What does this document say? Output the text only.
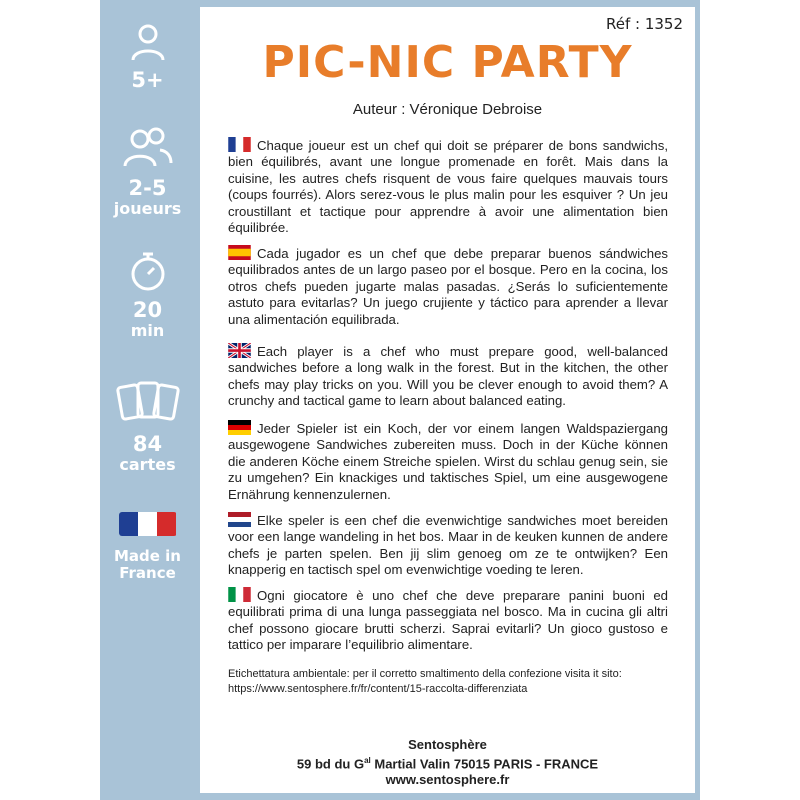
5+
2-5
joueurs
20
min
84
cartes
Made in
France
Réf : 1352
PIC-NIC PARTY
Auteur : Véronique Debroise
Chaque joueur est un chef qui doit se préparer de bons sandwichs, bien équilibrés, avant une longue promenade en forêt. Mais dans la cuisine, les autres chefs risquent de vous faire quelques mauvais tours (coups fourrés). Alors serez-vous le plus malin pour les esquiver ? Un jeu croustillant et tactique pour apprendre à avoir une alimentation bien équilibrée.
Cada jugador es un chef que debe preparar buenos sándwiches equilibrados antes de un largo paseo por el bosque. Pero en la cocina, los otros chefs pueden jugarte malas pasadas. ¿Serás lo suficientemente astuto para evitarlas? Un juego crujiente y táctico para aprender a llevar una alimentación equilibrada.
Each player is a chef who must prepare good, well-balanced sandwiches before a long walk in the forest. But in the kitchen, the other chefs may play tricks on you. Will you be clever enough to avoid them? A crunchy and tactical game to learn about balanced eating.
Jeder Spieler ist ein Koch, der vor einem langen Waldspaziergang ausgewogene Sandwiches zubereiten muss. Doch in der Küche können die anderen Köche einem Streiche spielen. Wirst du schlau genug sein, sie zu umgehen? Ein knackiges und taktisches Spiel, um eine ausgewogene Ernährung kennenzulernen.
Elke speler is een chef die evenwichtige sandwiches moet bereiden voor een lange wandeling in het bos. Maar in de keuken kunnen de andere chefs je parten spelen. Ben jij slim genoeg om ze te ontwijken? Een knapperig en tactisch spel om evenwichtige voeding te leren.
Ogni giocatore è uno chef che deve preparare panini buoni ed equilibrati prima di una lunga passeggiata nel bosco. Ma in cucina gli altri chef possono giocare brutti scherzi. Saprai evitarli? Un gioco gustoso e tattico per imparare l’equilibrio alimentare.
Etichettatura ambientale: per il corretto smaltimento della confezione visita it sito: https://www.sentosphere.fr/fr/content/15-raccolta-differenziata
Sentosphère
59 bd du $G^{al}$ Martial Valin 75015 PARIS - FRANCE
www.sentosphere.fr
